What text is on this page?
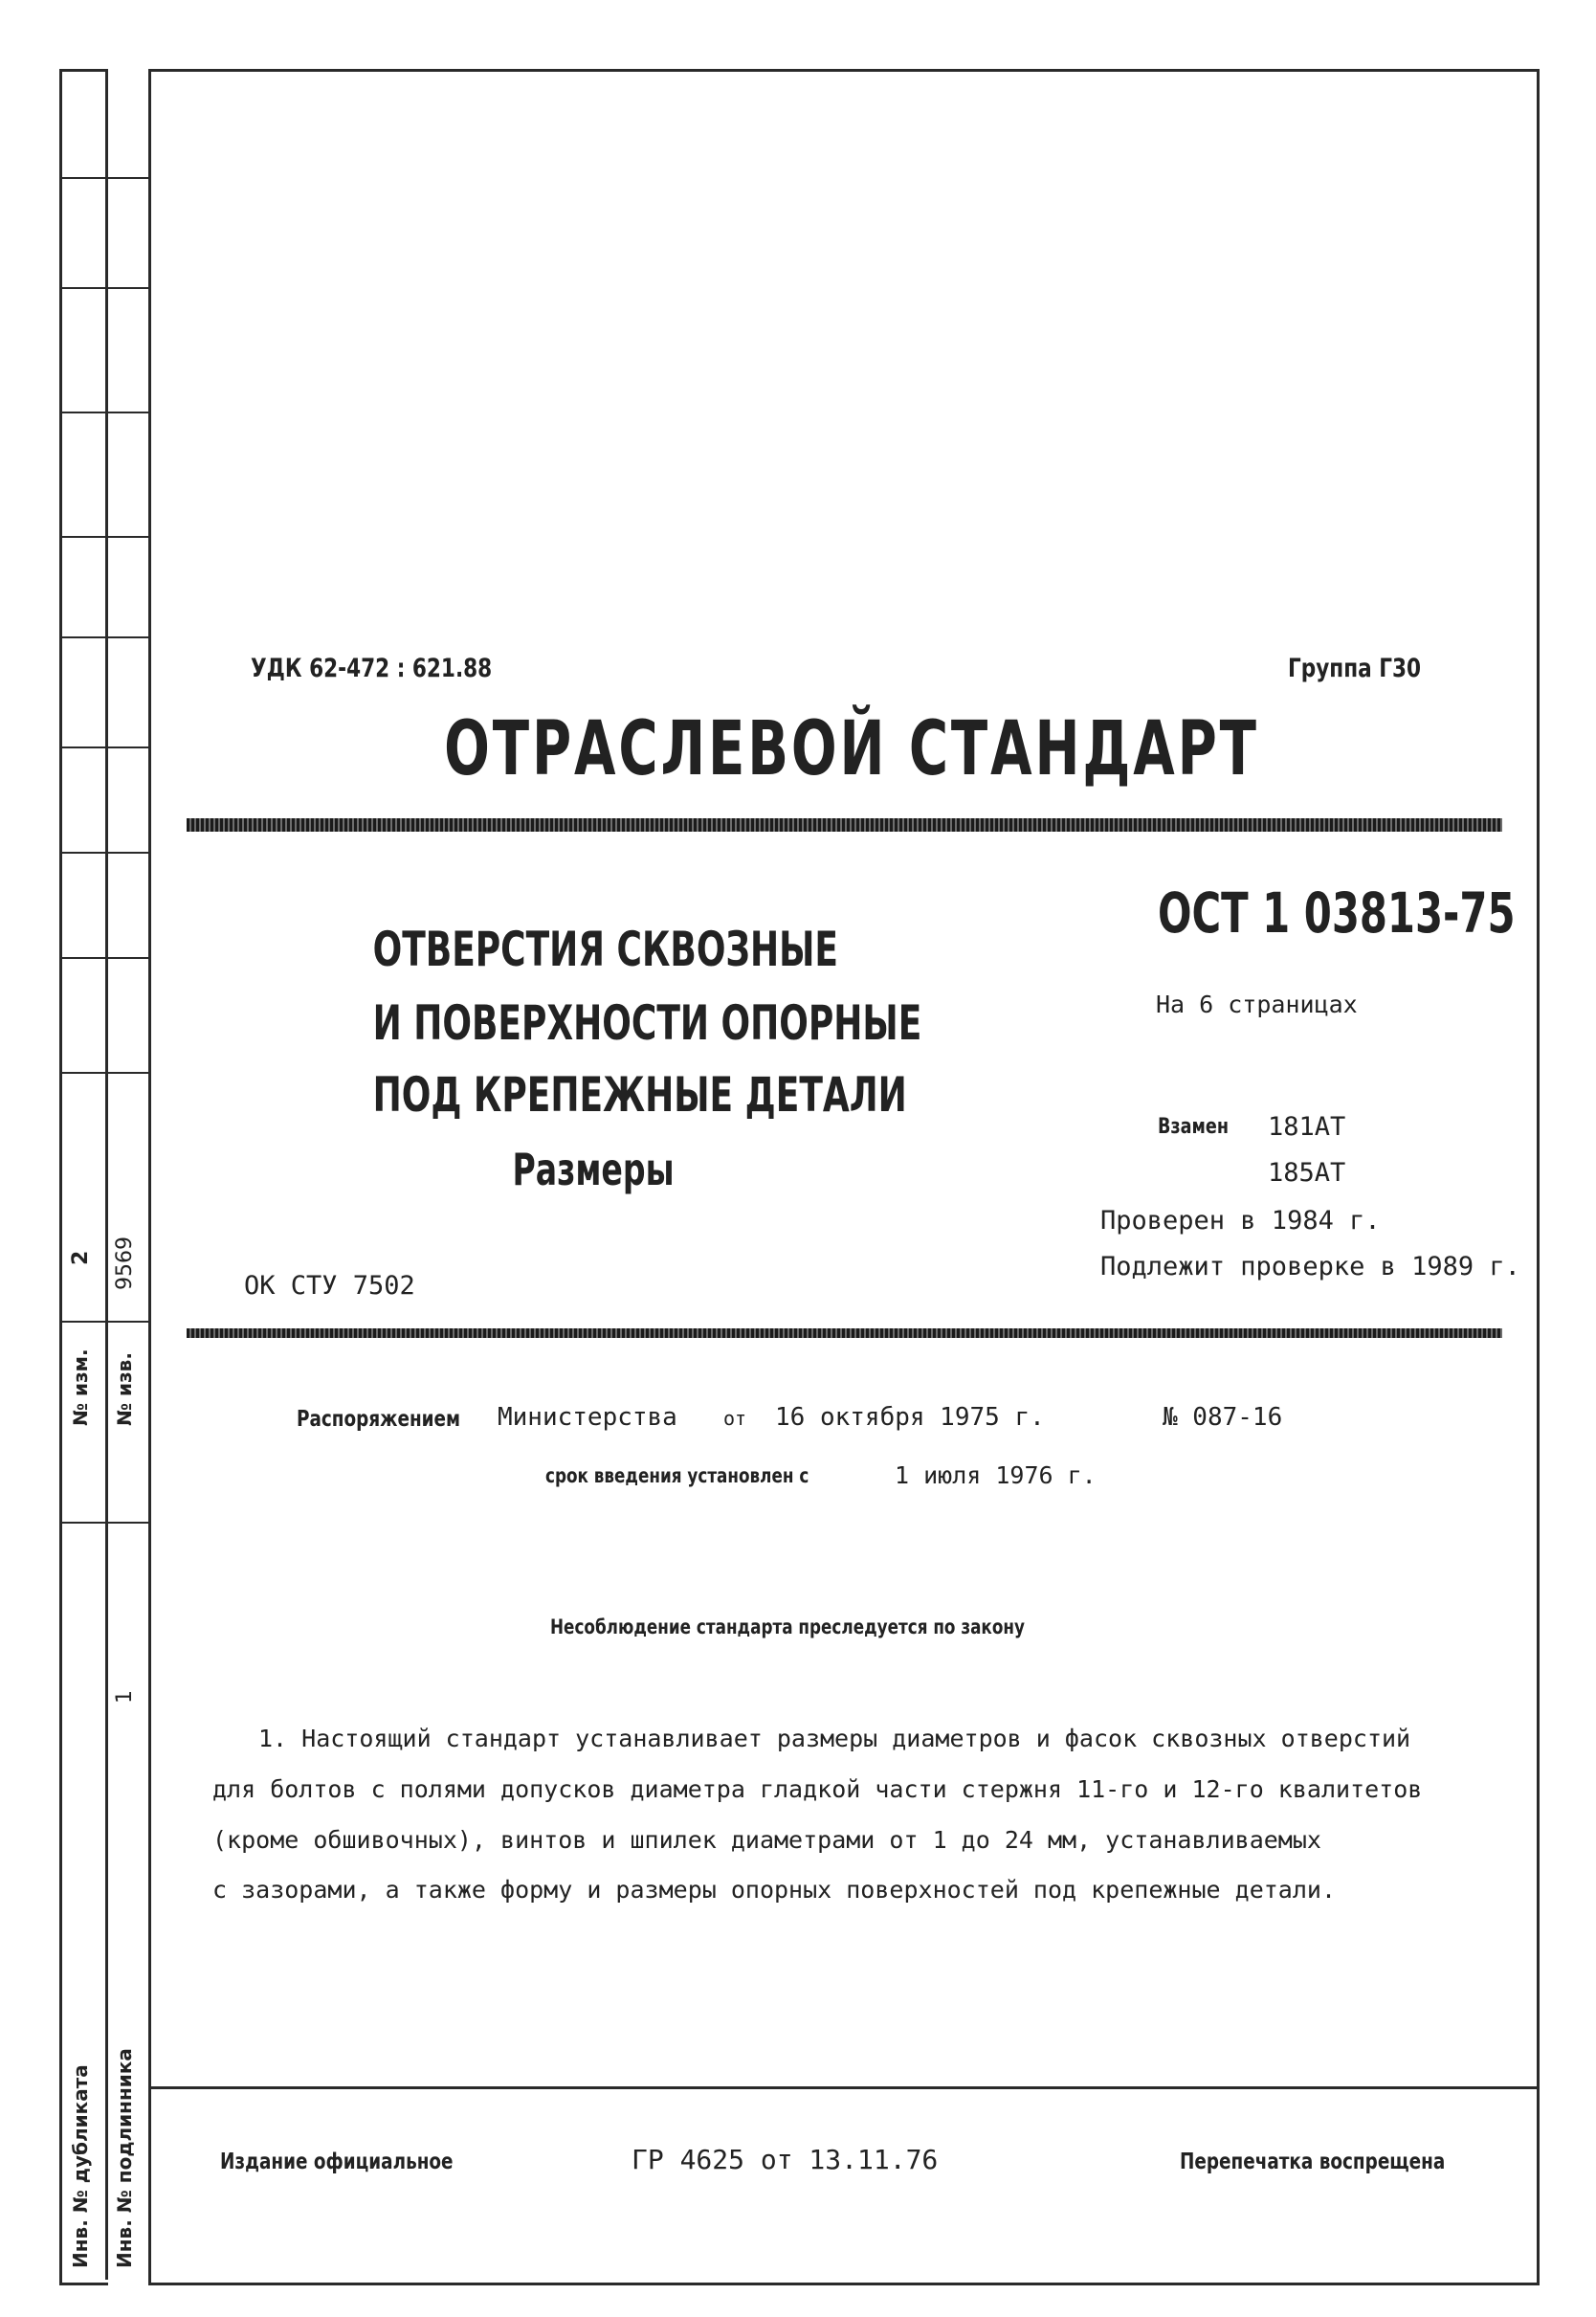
2 9569
№ изм. № изв.
1
Инв. № дубликата Инв. № подлинника
УДК 62-472 : 621.88	Группа Г30
ОТРАСЛЕВОЙ СТАНДАРТ
ОТВЕРСТИЯ СКВОЗНЫЕ
И ПОВЕРХНОСТИ ОПОРНЫЕ
ПОД КРЕПЕЖНЫЕ ДЕТАЛИ
Размеры
ОСТ 1 03813-75
На 6 страницах
Взамен 181АТ
185АТ
Проверен в 1984 г.
Подлежит проверке в 1989 г.
ОК СТУ 7502
Распоряжением Министерства от 16 октября 1975 г.	№ 087-16
срок введения установлен с	1 июля 1976 г.
Несоблюдение стандарта преследуется по закону
1. Настоящий стандарт устанавливает размеры диаметров и фасок сквозных отверстий
для болтов с полями допусков диаметра гладкой части стержня 11-го и 12-го квалитетов
(кроме обшивочных), винтов и шпилек диаметрами от 1 до 24 мм, устанавливаемых
с зазорами, а также форму и размеры опорных поверхностей под крепежные детали.
Издание официальное	ГР 4625 от 13.11.76	Перепечатка воспрещена
